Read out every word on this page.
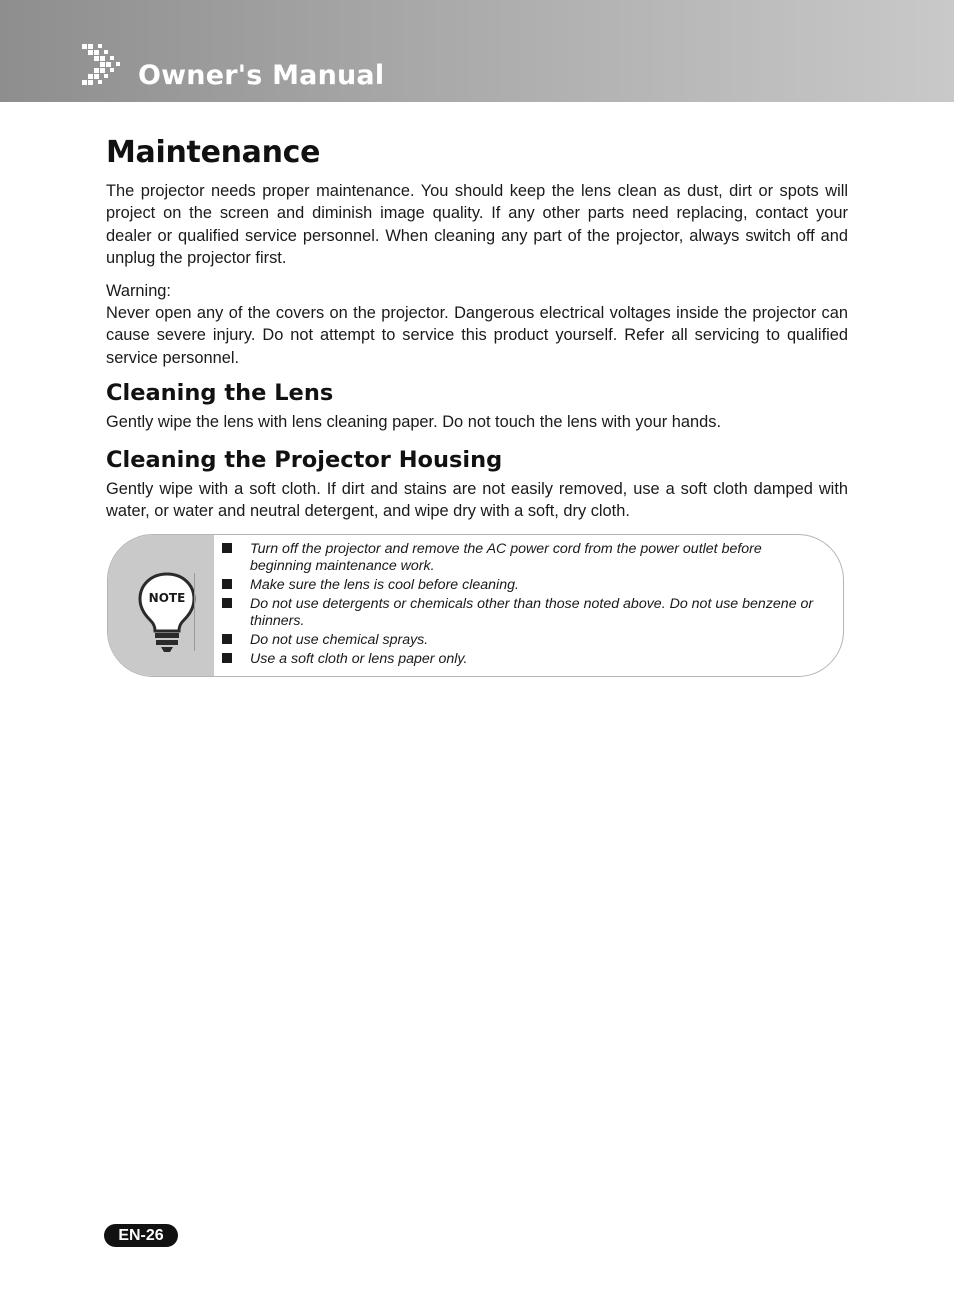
Owner's Manual
Maintenance

The projector needs proper maintenance. You should keep the lens clean as dust, dirt or spots will project on the screen and diminish image quality. If any other parts need replacing, contact your dealer or qualified service personnel. When cleaning any part of the projector, always switch off and unplug the projector first.

Warning:

Never open any of the covers on the projector. Dangerous electrical voltages inside the projector can cause severe injury. Do not attempt to service this product yourself. Refer all servicing to qualified service personnel.

Cleaning the Lens

Gently wipe the lens with lens cleaning paper. Do not touch the lens with your hands.

Cleaning the Projector Housing

Gently wipe with a soft cloth. If dirt and stains are not easily removed, use a soft cloth damped with water, or water and neutral detergent, and wipe dry with a soft, dry cloth.

NOTE
Turn off the projector and remove the AC power cord from the power outlet before beginning maintenance work.
Make sure the lens is cool before cleaning.
Do not use detergents or chemicals other than those noted above. Do not use benzene or thinners.
Do not use chemical sprays.
Use a soft cloth or lens paper only.
EN-26
